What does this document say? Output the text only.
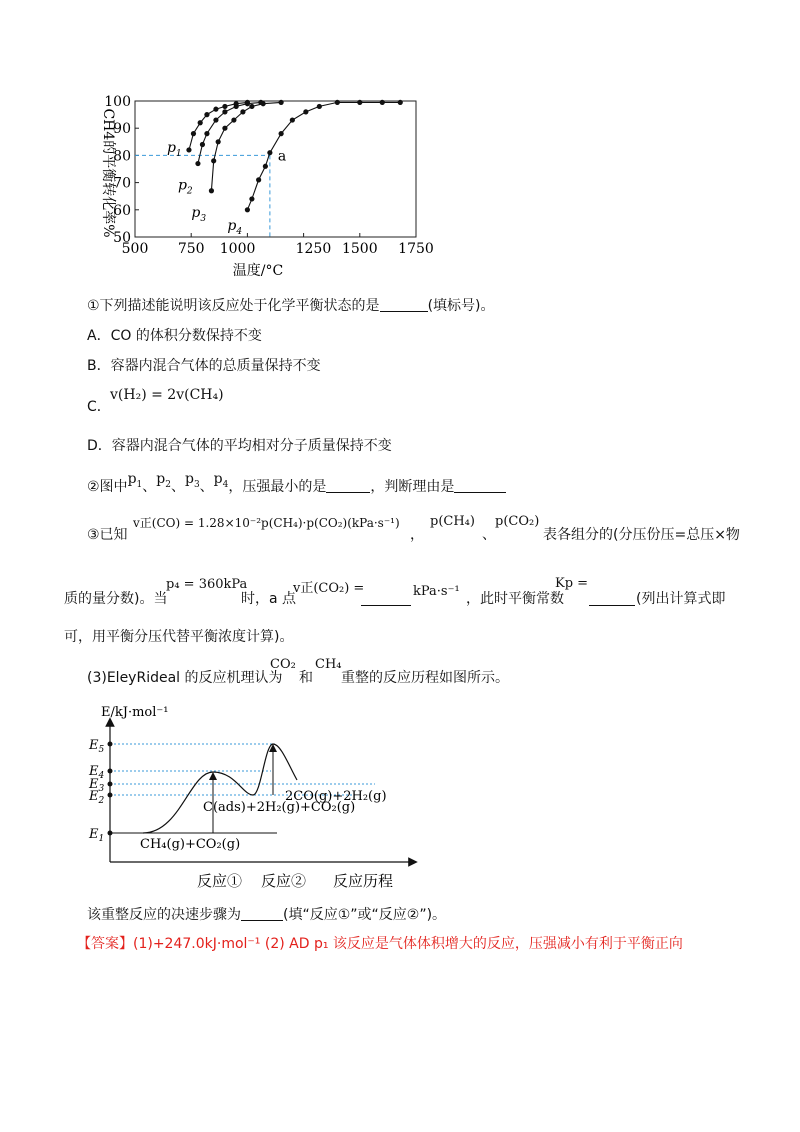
CH4的平衡转化率%
100
90
80
70
60
50
500 750 1000	1250 1500 1750
a
$p_1$
$p_2$
$p_3$ $p_4$
温度/°C
①下列描述能说明该反应处于化学平衡状态的是	(填标号)。
A．CO 的体积分数保持不变
B．容器内混合气体的总质量保持不变
C．
v(H₂) = 2v(CH₄)
D．容器内混合气体的平均相对分子质量保持不变
②图中$p_1$、$p_2$、$p_3$、$p_4$，压强最小的是	，判断理由是
③已知
v正(CO) = 1.28×10⁻²p(CH₄)·p(CO₂)(kPa·s⁻¹)
，
p(CH₄)
、
p(CO₂)
表各组分的(分压份压=总压×物
质的量分数)。当
p₄ = 360kPa
时，a 点
v正(CO₂) =	kPa·s⁻¹ ，此时平衡常数
Kp =
(列出计算式即
可，用平衡分压代替平衡浓度计算)。
(3)EleyRideal 的反应机理认为
CO₂
和
CH₄
重整的反应历程如图所示。
E/kJ·mol⁻¹
$E_5$
$E_4$
$E_3$
$E_2$
$E_1$	CH₄(g)+CO₂(g)
C(ads)+2H₂(g)+CO₂(g)
2CO(g)+2H₂(g)
反应① 反应② 反应历程
该重整反应的决速步骤为	(填“反应①”或“反应②”)。
【答案】(1)+247.0kJ·mol⁻¹ (2) AD p₁ 该反应是气体体积增大的反应，压强减小有利于平衡正向
